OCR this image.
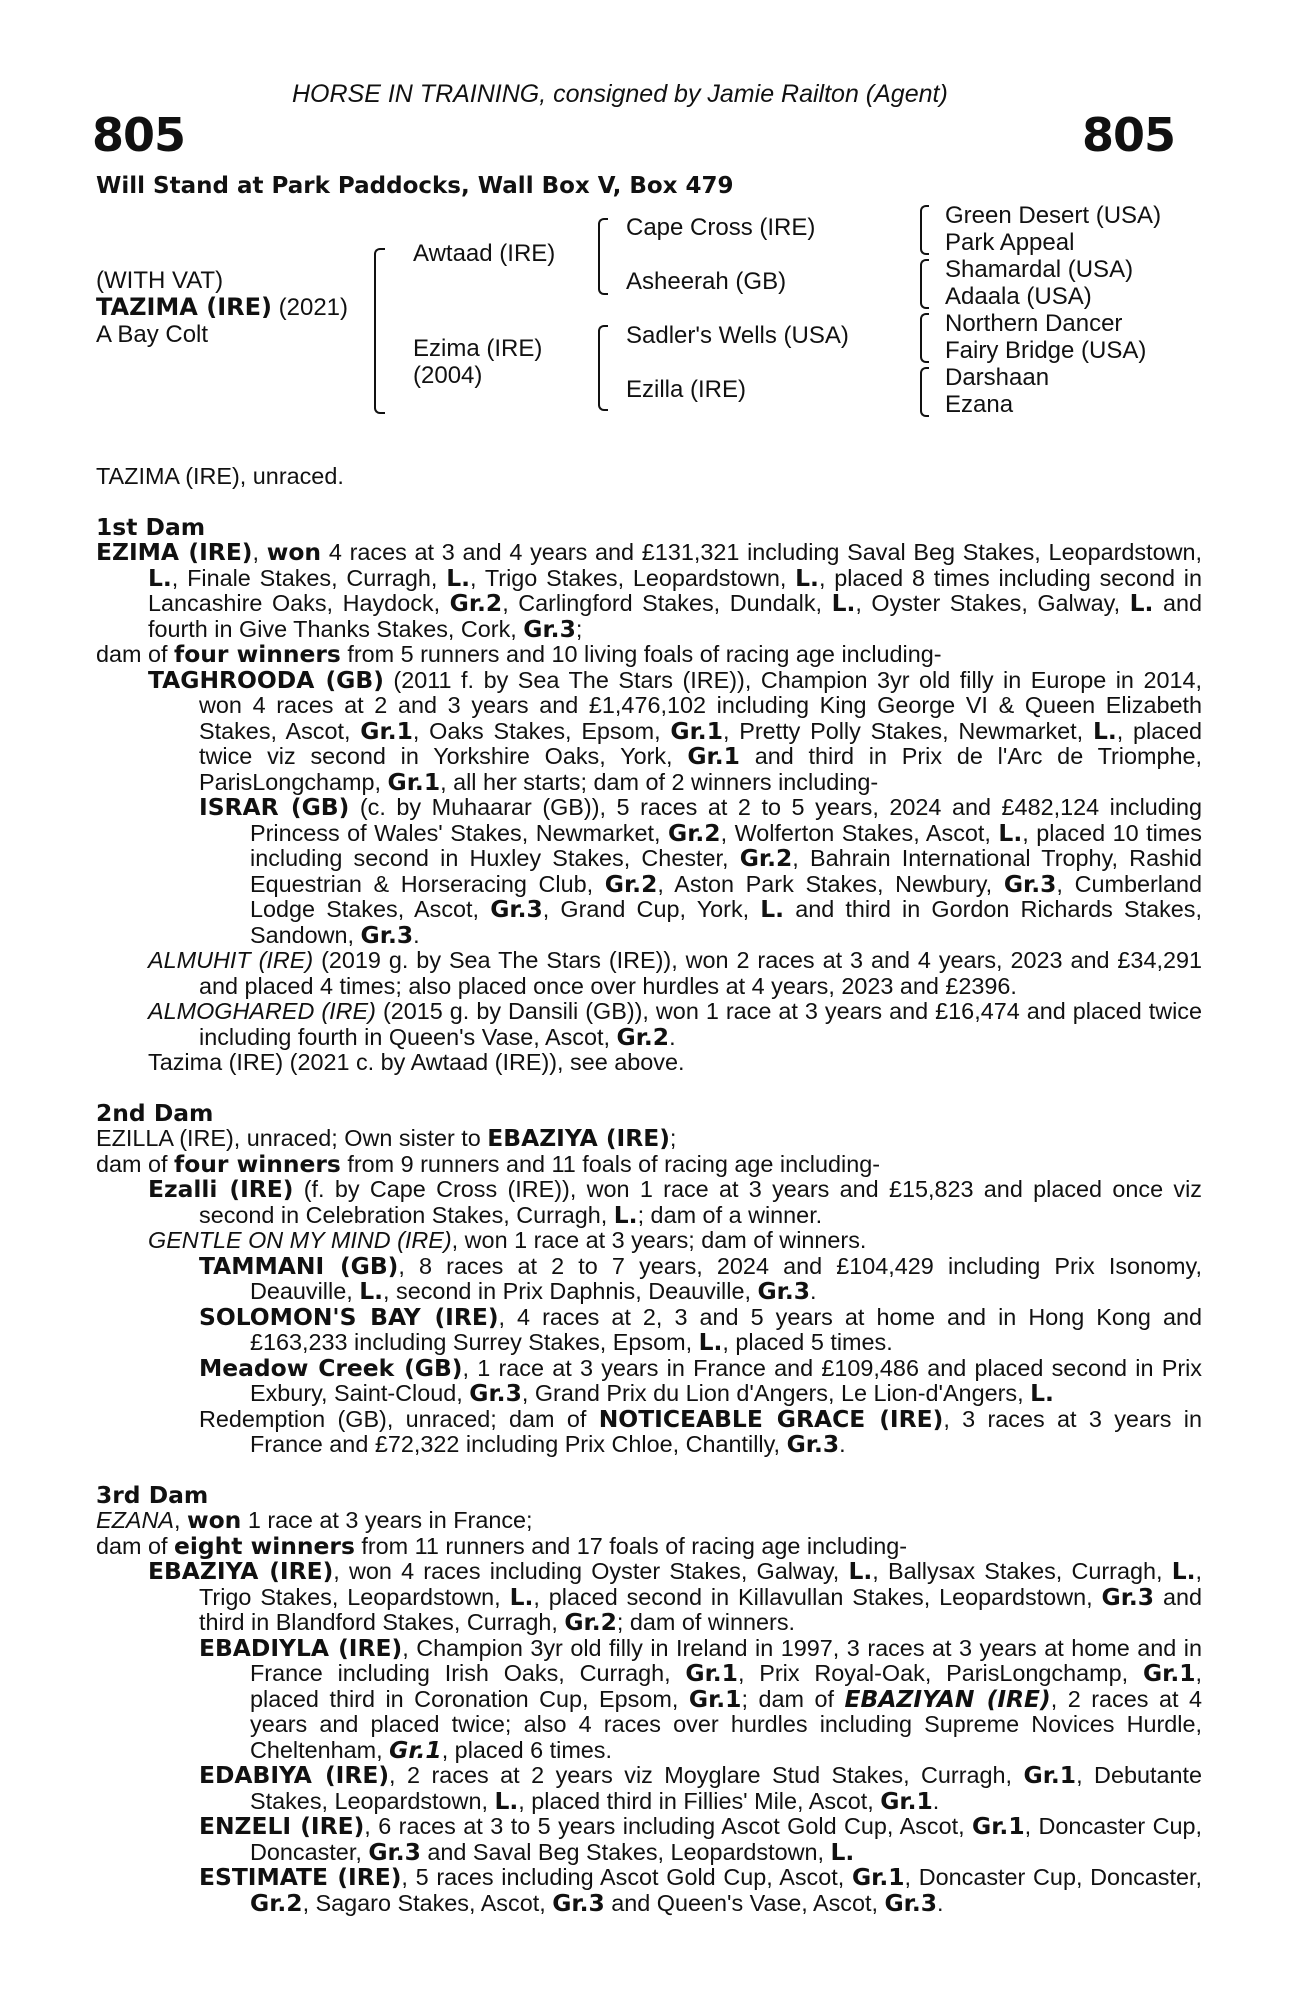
HORSE IN TRAINING, consigned by Jamie Railton (Agent)
805	805
Will Stand at Park Paddocks, Wall Box V, Box 479
(WITH VAT)
TAZIMA (IRE) (2021)
A Bay Colt
Awtaad (IRE)
Ezima (IRE)
(2004)
Cape Cross (IRE)
Asheerah (GB)
Sadler's Wells (USA)
Ezilla (IRE)
Green Desert (USA)
Park Appeal
Shamardal (USA)
Adaala (USA)
Northern Dancer
Fairy Bridge (USA)
Darshaan
Ezana

TAZIMA (IRE), unraced.

1st Dam

EZIMA (IRE), won 4 races at 3 and 4 years and £131,321 including Saval Beg Stakes, Leopardstown, L., Finale Stakes, Curragh, L., Trigo Stakes, Leopardstown, L., placed 8 times including second in Lancashire Oaks, Haydock, Gr.2, Carlingford Stakes, Dundalk, L., Oyster Stakes, Galway, L. and fourth in Give Thanks Stakes, Cork, Gr.3;

dam of four winners from 5 runners and 10 living foals of racing age including-

TAGHROODA (GB) (2011 f. by Sea The Stars (IRE)), Champion 3yr old filly in Europe in 2014, won 4 races at 2 and 3 years and £1,476,102 including King George VI & Queen Elizabeth Stakes, Ascot, Gr.1, Oaks Stakes, Epsom, Gr.1, Pretty Polly Stakes, Newmarket, L., placed twice viz second in Yorkshire Oaks, York, Gr.1 and third in Prix de l'Arc de Triomphe, ParisLongchamp, Gr.1, all her starts; dam of 2 winners including-

ISRAR (GB) (c. by Muhaarar (GB)), 5 races at 2 to 5 years, 2024 and £482,124 including Princess of Wales' Stakes, Newmarket, Gr.2, Wolferton Stakes, Ascot, L., placed 10 times including second in Huxley Stakes, Chester, Gr.2, Bahrain International Trophy, Rashid Equestrian & Horseracing Club, Gr.2, Aston Park Stakes, Newbury, Gr.3, Cumberland Lodge Stakes, Ascot, Gr.3, Grand Cup, York, L. and third in Gordon Richards Stakes, Sandown, Gr.3.

ALMUHIT (IRE) (2019 g. by Sea The Stars (IRE)), won 2 races at 3 and 4 years, 2023 and £34,291 and placed 4 times; also placed once over hurdles at 4 years, 2023 and £2396.

ALMOGHARED (IRE) (2015 g. by Dansili (GB)), won 1 race at 3 years and £16,474 and placed twice including fourth in Queen's Vase, Ascot, Gr.2.

Tazima (IRE) (2021 c. by Awtaad (IRE)), see above.

2nd Dam

EZILLA (IRE), unraced; Own sister to EBAZIYA (IRE);

dam of four winners from 9 runners and 11 foals of racing age including-

Ezalli (IRE) (f. by Cape Cross (IRE)), won 1 race at 3 years and £15,823 and placed once viz second in Celebration Stakes, Curragh, L.; dam of a winner.

GENTLE ON MY MIND (IRE), won 1 race at 3 years; dam of winners.

TAMMANI (GB), 8 races at 2 to 7 years, 2024 and £104,429 including Prix Isonomy, Deauville, L., second in Prix Daphnis, Deauville, Gr.3.

SOLOMON'S BAY (IRE), 4 races at 2, 3 and 5 years at home and in Hong Kong and £163,233 including Surrey Stakes, Epsom, L., placed 5 times.

Meadow Creek (GB), 1 race at 3 years in France and £109,486 and placed second in Prix Exbury, Saint-Cloud, Gr.3, Grand Prix du Lion d'Angers, Le Lion-d'Angers, L.

Redemption (GB), unraced; dam of NOTICEABLE GRACE (IRE), 3 races at 3 years in France and £72,322 including Prix Chloe, Chantilly, Gr.3.

3rd Dam

EZANA, won 1 race at 3 years in France;

dam of eight winners from 11 runners and 17 foals of racing age including-

EBAZIYA (IRE), won 4 races including Oyster Stakes, Galway, L., Ballysax Stakes, Curragh, L., Trigo Stakes, Leopardstown, L., placed second in Killavullan Stakes, Leopardstown, Gr.3 and third in Blandford Stakes, Curragh, Gr.2; dam of winners.

EBADIYLA (IRE), Champion 3yr old filly in Ireland in 1997, 3 races at 3 years at home and in France including Irish Oaks, Curragh, Gr.1, Prix Royal-Oak, ParisLongchamp, Gr.1, placed third in Coronation Cup, Epsom, Gr.1; dam of EBAZIYAN (IRE), 2 races at 4 years and placed twice; also 4 races over hurdles including Supreme Novices Hurdle, Cheltenham, Gr.1, placed 6 times.

EDABIYA (IRE), 2 races at 2 years viz Moyglare Stud Stakes, Curragh, Gr.1, Debutante Stakes, Leopardstown, L., placed third in Fillies' Mile, Ascot, Gr.1.

ENZELI (IRE), 6 races at 3 to 5 years including Ascot Gold Cup, Ascot, Gr.1, Doncaster Cup, Doncaster, Gr.3 and Saval Beg Stakes, Leopardstown, L.

ESTIMATE (IRE), 5 races including Ascot Gold Cup, Ascot, Gr.1, Doncaster Cup, Doncaster, Gr.2, Sagaro Stakes, Ascot, Gr.3 and Queen's Vase, Ascot, Gr.3.
